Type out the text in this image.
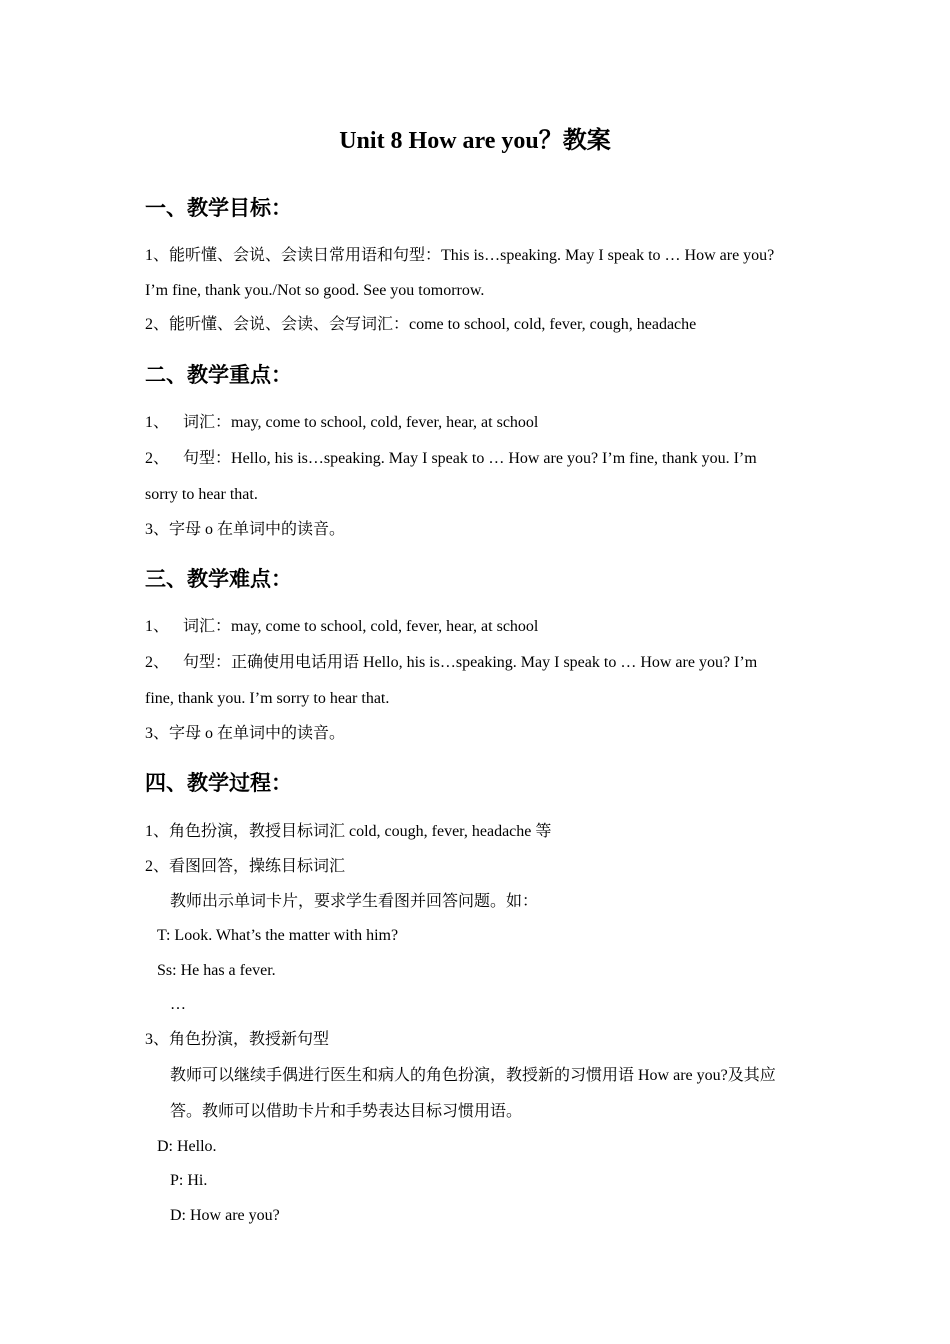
Unit 8 How are you？教案
一、教学目标：
1、能听懂、会说、会读日常用语和句型：This is…speaking. May I speak to … How are you?
I’m fine, thank you./Not so good. See you tomorrow.
2、能听懂、会说、会读、会写词汇：come to school, cold, fever, cough, headache
二、教学重点：
1、 词汇：may, come to school, cold, fever, hear, at school
2、 句型：Hello, his is…speaking. May I speak to … How are you? I’m fine, thank you. I’m
sorry to hear that.
3、字母 o 在单词中的读音。
三、教学难点：
1、 词汇：may, come to school, cold, fever, hear, at school
2、 句型：正确使用电话用语 Hello, his is…speaking. May I speak to … How are you? I’m
fine, thank you. I’m sorry to hear that.
3、字母 o 在单词中的读音。
四、教学过程：
1、角色扮演，教授目标词汇 cold, cough, fever, headache 等
2、看图回答，操练目标词汇
教师出示单词卡片，要求学生看图并回答问题。如：
T: Look. What’s the matter with him?
Ss: He has a fever.
…
3、角色扮演，教授新句型
教师可以继续手偶进行医生和病人的角色扮演，教授新的习惯用语 How are you?及其应
答。教师可以借助卡片和手势表达目标习惯用语。
D: Hello.
P: Hi.
D: How are you?
